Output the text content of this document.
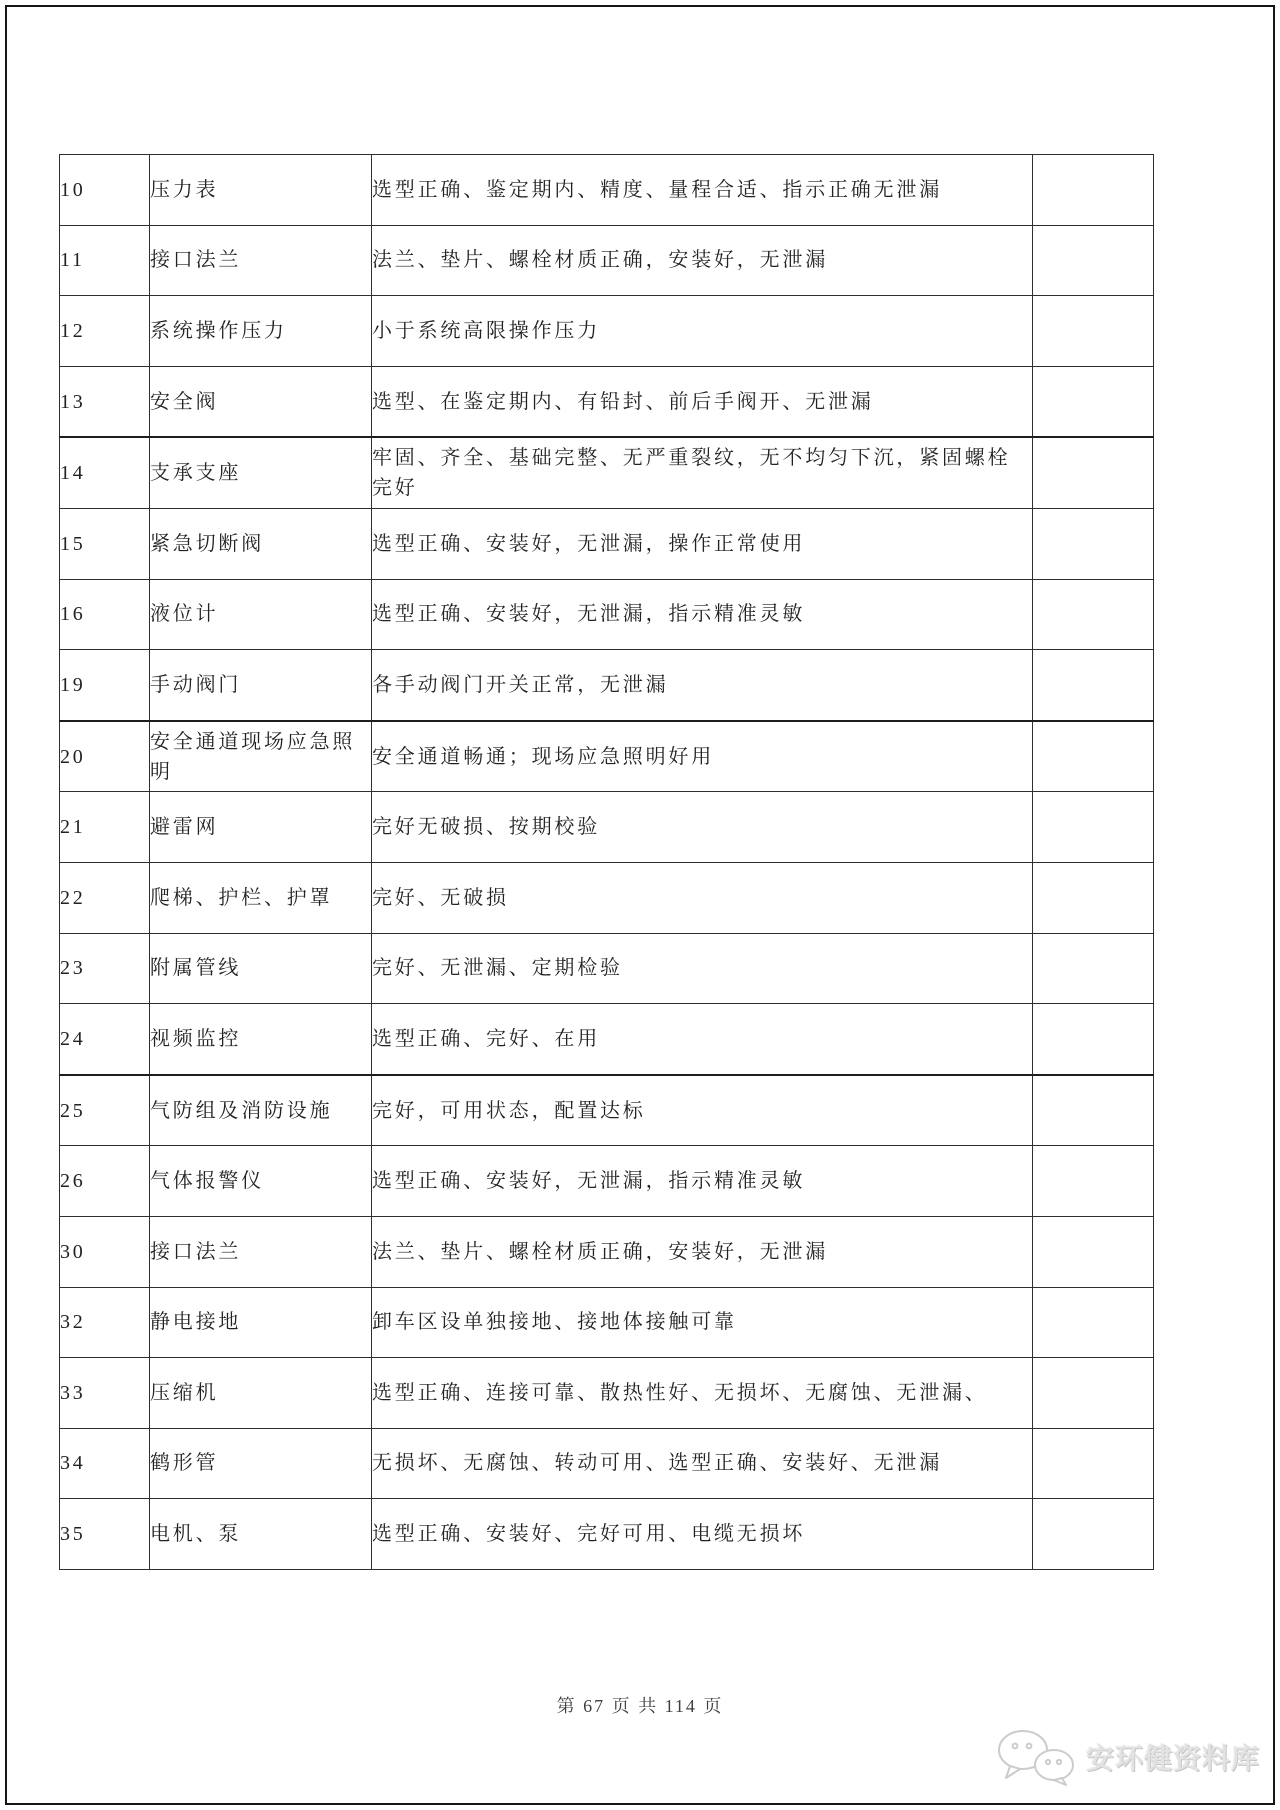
10	压力表	选型正确、鉴定期内、精度、量程合适、指示正确无泄漏	
11	接口法兰	法兰、垫片、螺栓材质正确，安装好，无泄漏	
12	系统操作压力	小于系统高限操作压力	
13	安全阀	选型、在鉴定期内、有铅封、前后手阀开、无泄漏	
14	支承支座	牢固、齐全、基础完整、无严重裂纹，无不均匀下沉，紧固螺栓完好	
15	紧急切断阀	选型正确、安装好，无泄漏，操作正常使用	
16	液位计	选型正确、安装好，无泄漏，指示精准灵敏	
19	手动阀门	各手动阀门开关正常，无泄漏	
20	安全通道现场应急照明	安全通道畅通；现场应急照明好用	
21	避雷网	完好无破损、按期校验	
22	爬梯、护栏、护罩	完好、无破损	
23	附属管线	完好、无泄漏、定期检验	
24	视频监控	选型正确、完好、在用	
25	气防组及消防设施	完好，可用状态，配置达标	
26	气体报警仪	选型正确、安装好，无泄漏，指示精准灵敏	
30	接口法兰	法兰、垫片、螺栓材质正确，安装好，无泄漏	
32	静电接地	卸车区设单独接地、接地体接触可靠	
33	压缩机	选型正确、连接可靠、散热性好、无损坏、无腐蚀、无泄漏、	
34	鹤形管	无损坏、无腐蚀、转动可用、选型正确、安装好、无泄漏	
35	电机、泵	选型正确、安装好、完好可用、电缆无损坏	
第 67 页 共 114 页
安环健资料库
